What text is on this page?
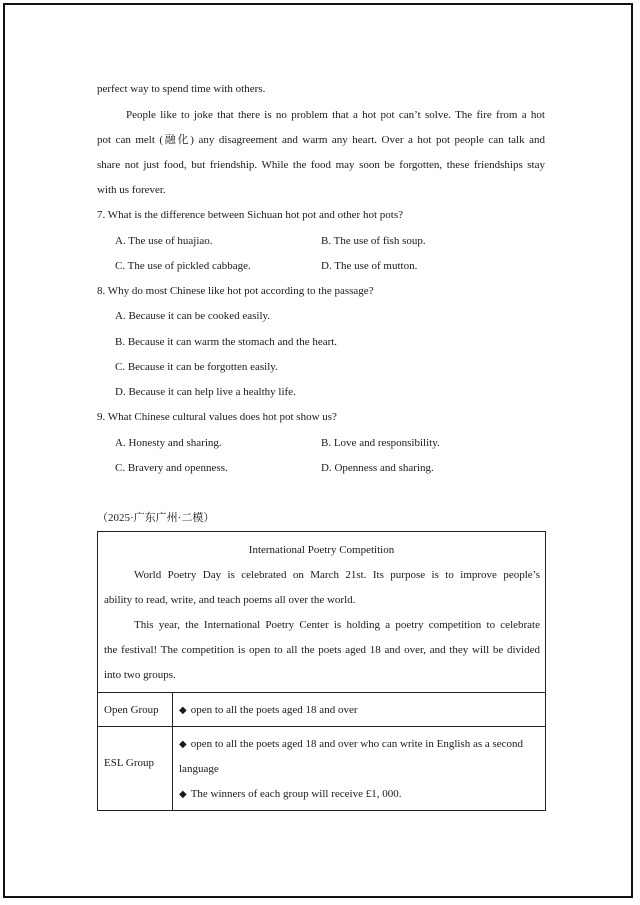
perfect way to spend time with others.
People like to joke that there is no problem that a hot pot can’t solve. The fire from a hot
pot can melt (融化) any disagreement and warm any heart. Over a hot pot people can talk and
share not just food, but friendship. While the food may soon be forgotten, these friendships stay
with us forever.
7. What is the difference between Sichuan hot pot and other hot pots?
A. The use of huajiao.	B. The use of fish soup.
C. The use of pickled cabbage.	D. The use of mutton.
8. Why do most Chinese like hot pot according to the passage?
A. Because it can be cooked easily.
B. Because it can warm the stomach and the heart.
C. Because it can be forgotten easily.
D. Because it can help live a healthy life.
9. What Chinese cultural values does hot pot show us?
A. Honesty and sharing.	B. Love and responsibility.
C. Bravery and openness.	D. Openness and sharing.
（2025·广东广州·二模）
International Poetry Competition
World Poetry Day is celebrated on March 21st. Its purpose is to improve people’s
ability to read, write, and teach poems all over the world.
This year, the International Poetry Center is holding a poetry competition to celebrate
the festival! The competition is open to all the poets aged 18 and over, and they will be divided
into two groups.
Open Group ◆ open to all the poets aged 18 and over
ESL Group
◆ open to all the poets aged 18 and over who can write in English as a second
language
◆ The winners of each group will receive £1, 000.
